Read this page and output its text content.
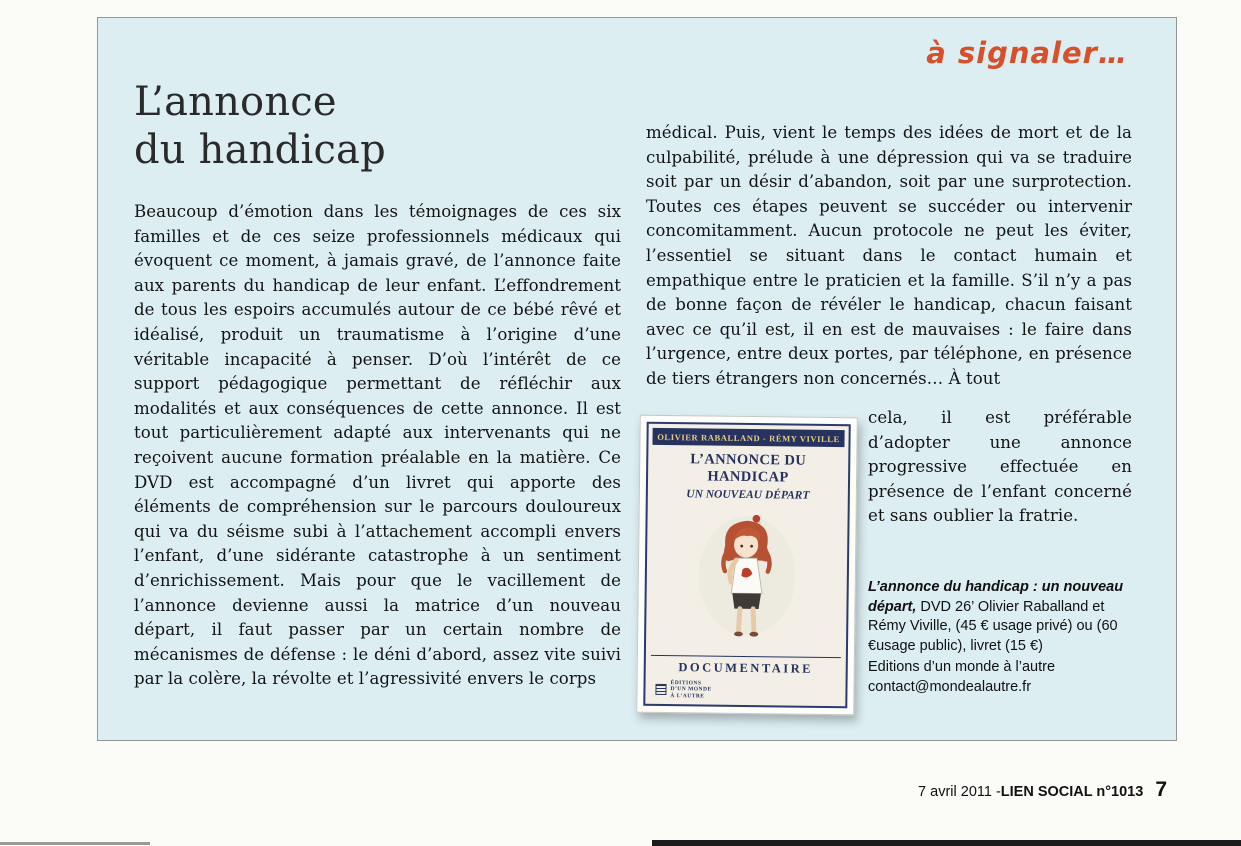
à signaler…
L’annonce
du handicap
Beaucoup d’émotion dans les témoignages de ces six familles et de ces seize professionnels médicaux qui évoquent ce moment, à jamais gravé, de l’annonce faite aux parents du handicap de leur enfant. L’effondrement de tous les espoirs accumulés autour de ce bébé rêvé et idéalisé, produit un traumatisme à l’origine d’une véritable incapacité à penser. D’où l’intérêt de ce support pédagogique permettant de réfléchir aux modalités et aux conséquences de cette annonce. Il est tout particulièrement adapté aux intervenants qui ne reçoivent aucune formation préalable en la matière. Ce DVD est accompagné d’un livret qui apporte des éléments de compréhension sur le parcours douloureux qui va du séisme subi à l’attachement accompli envers l’enfant, d’une sidérante catastrophe à un sentiment d’enrichissement. Mais pour que le vacillement de l’annonce devienne aussi la matrice d’un nouveau départ, il faut passer par un certain nombre de mécanismes de défense : le déni d’abord, assez vite suivi par la colère, la révolte et l’agressivité envers le corps
médical. Puis, vient le temps des idées de mort et de la culpabilité, prélude à une dépression qui va se traduire soit par un désir d’abandon, soit par une surprotection. Toutes ces étapes peuvent se succéder ou intervenir concomitamment. Aucun protocole ne peut les éviter, l’essentiel se situant dans le contact humain et empathique entre le praticien et la famille. S’il n’y a pas de bonne façon de révéler le handicap, chacun faisant avec ce qu’il est, il en est de mauvaises : le faire dans l’urgence, entre deux portes, par téléphone, en présence de tiers étrangers non concernés… À tout
OLIVIER RABALLAND - RÉMY VIVILLE
L’ANNONCE DU HANDICAP
UN NOUVEAU DÉPART
DOCUMENTAIRE
ÉDITIONS
D’UN MONDE
À L’AUTRE
cela, il est préférable d’adopter une annonce progressive effectuée en présence de l’enfant concerné et sans oublier la fratrie.

L’annonce du handicap : un nouveau départ, DVD 26’ Olivier Raballand et Rémy Viville, (45 € usage privé) ou (60 €usage public), livret (15 €)

Editions d’un monde à l’autre
contact@mondealautre.fr
7 avril 2011 - LIEN SOCIAL n°1013 7
